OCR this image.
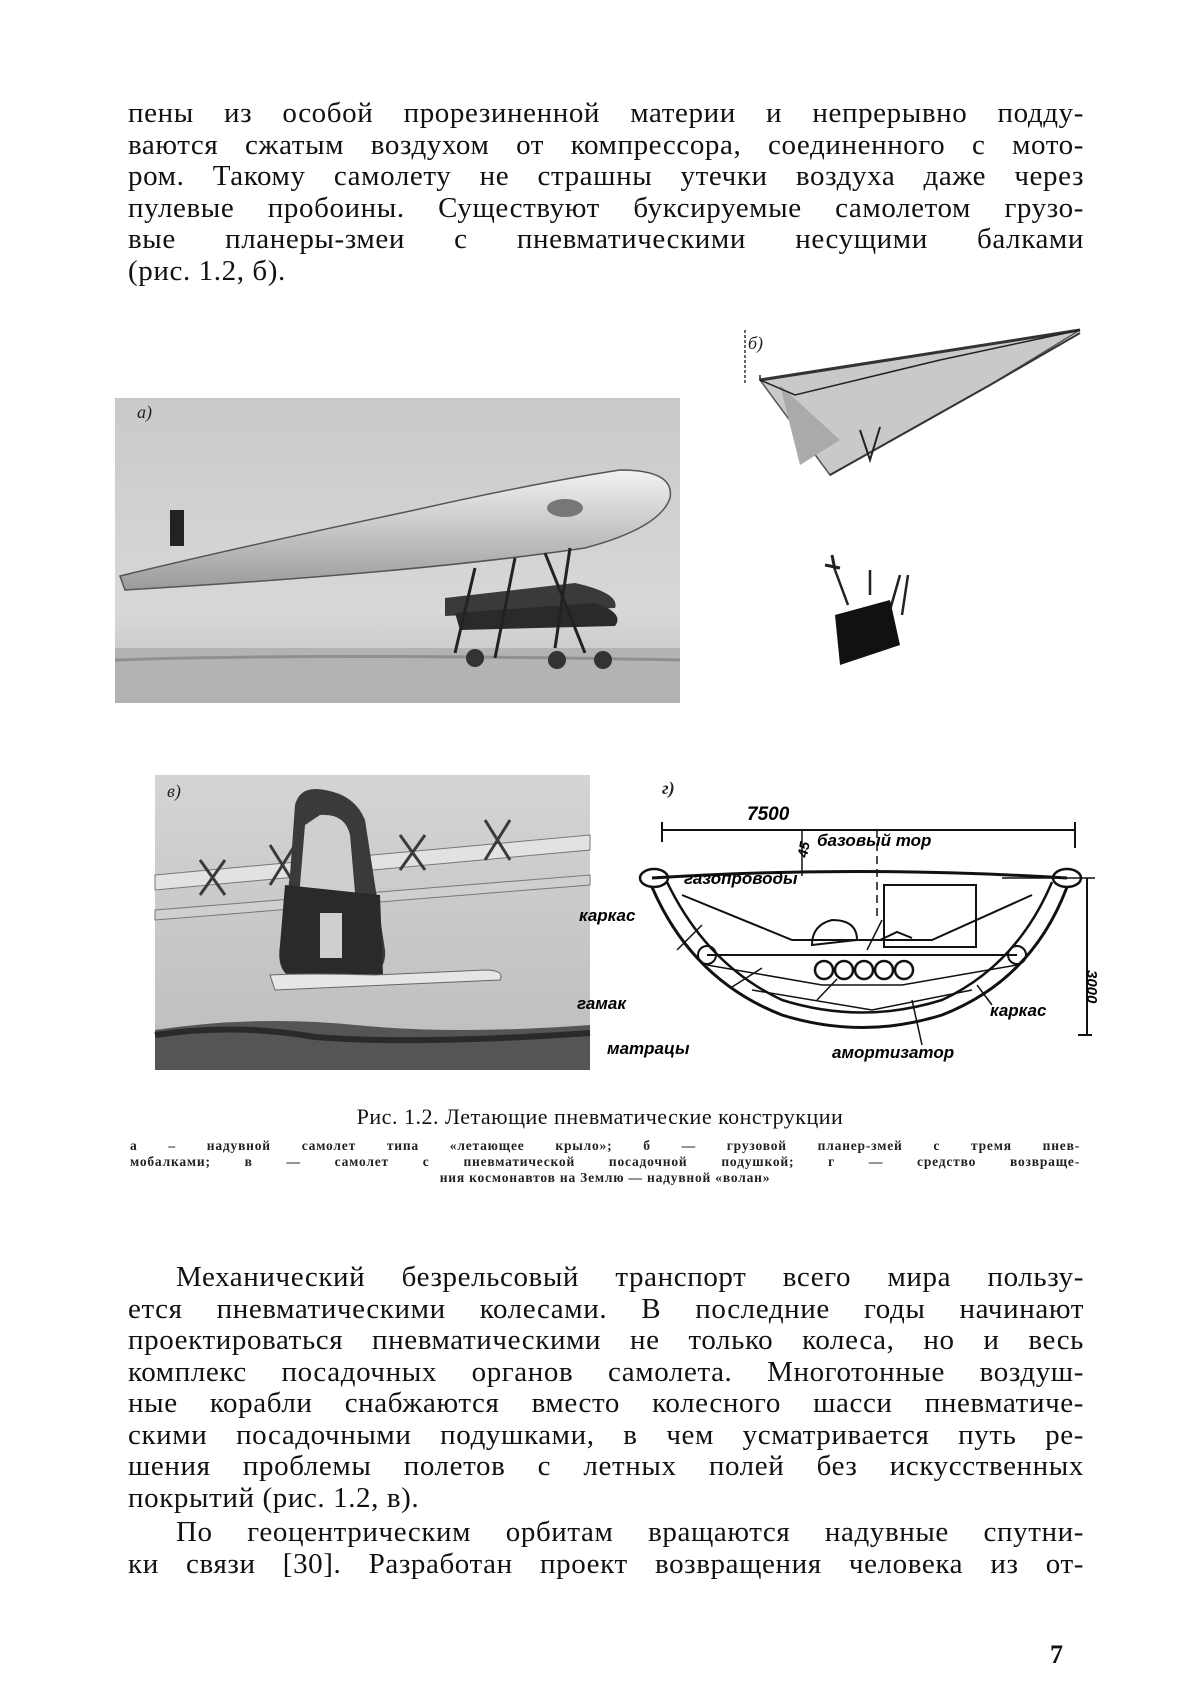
пены из особой прорезиненной материи и непрерывно подду-
ваются сжатым воздухом от компрессора, соединенного с мото-
ром. Такому самолету не страшны утечки воздуха даже через
пулевые пробоины. Существуют буксируемые самолетом грузо-
вые планеры-змеи с пневматическими несущими балками
(рис. 1.2, б).
а)
б)
в)
45
7500
3000
базовый тор
газопроводы
каркас
гамак	каркас
матрацы	амортизатор
г)
Рис. 1.2. Летающие пневматические конструкции
а – надувной самолет типа «летающее крыло»; б — грузовой планер-змей с тремя пнев-
мобалками; в — самолет с пневматической посадочной подушкой; г — средство возвраще-
ния космонавтов на Землю — надувной «волан»
Механический безрельсовый транспорт всего мира пользу-
ется пневматическими колесами. В последние годы начинают
проектироваться пневматическими не только колеса, но и весь
комплекс посадочных органов самолета. Многотонные воздуш-
ные корабли снабжаются вместо колесного шасси пневматиче-
скими посадочными подушками, в чем усматривается путь ре-
шения проблемы полетов с летных полей без искусственных
покрытий (рис. 1.2, в).
По геоцентрическим орбитам вращаются надувные спутни-
ки связи [30]. Разработан проект возвращения человека из от-
7
